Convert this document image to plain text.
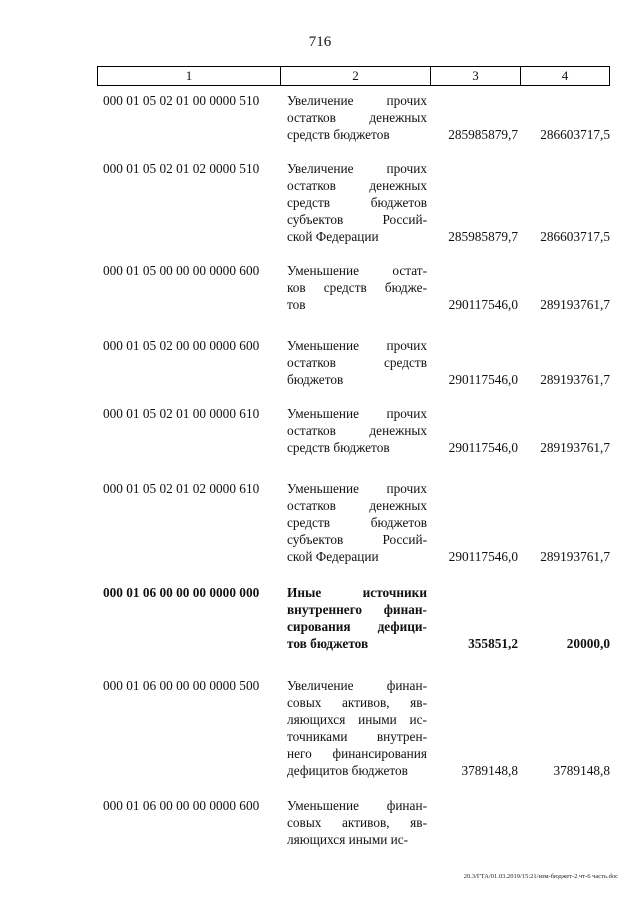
716
1	2	3	4
000 01 05 02 01 00 0000 510	Увеличение прочих
остатков денежных
средств бюджетов	285985879,7	286603717,5
000 01 05 02 01 02 0000 510	Увеличение прочих
остатков денежных
средств бюджетов
субъектов Россий-
ской Федерации	285985879,7	286603717,5
000 01 05 00 00 00 0000 600	Уменьшение остат-
ков средств бюдже-
тов	290117546,0	289193761,7
000 01 05 02 00 00 0000 600	Уменьшение прочих
остатков средств
бюджетов	290117546,0	289193761,7
000 01 05 02 01 00 0000 610	Уменьшение прочих
остатков денежных
средств бюджетов	290117546,0	289193761,7
000 01 05 02 01 02 0000 610	Уменьшение прочих
остатков денежных
средств бюджетов
субъектов Россий-
ской Федерации	290117546,0	289193761,7
000 01 06 00 00 00 0000 000	Иные источники
внутреннего финан-
сирования дефици-
тов бюджетов	355851,2	20000,0
000 01 06 00 00 00 0000 500	Увеличение финан-
совых активов, яв-
ляющихся иными ис-
точниками внутрен-
него финансирования
дефицитов бюджетов	3789148,8	3789148,8
000 01 06 00 00 00 0000 600	Уменьшение финан-
совых активов, яв-
ляющихся иными ис-
20.3/ГТА/01.03.2019/15:21/изм-бюджет-2 чт-6 часть.doc
